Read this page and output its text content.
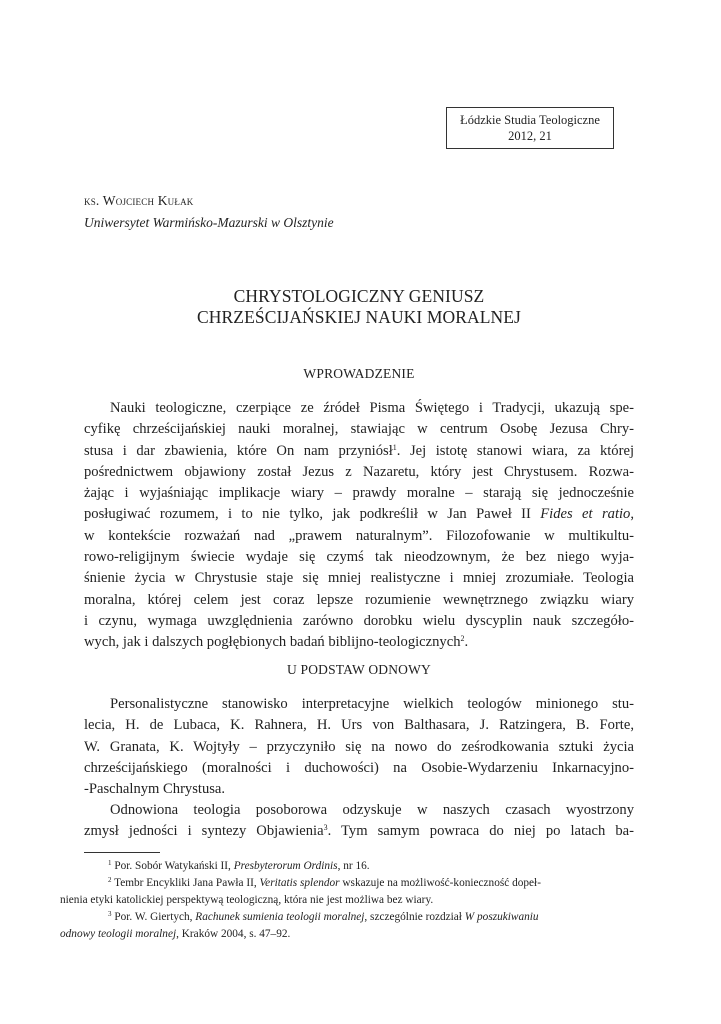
Łódzkie Studia Teologiczne
2012, 21
ks. Wojciech Kułak
Uniwersytet Warmińsko-Mazurski w Olsztynie
CHRYSTOLOGICZNY GENIUSZ
CHRZEŚCIJAŃSKIEJ NAUKI MORALNEJ
WPROWADZENIE

Nauki teologiczne, czerpiące ze źródeł Pisma Świętego i Tradycji, ukazują spe-
cyfikę chrześcijańskiej nauki moralnej, stawiając w centrum Osobę Jezusa Chry-
stusa i dar zbawienia, które On nam przyniósł$^1$. Jej istotę stanowi wiara, za której
pośrednictwem objawiony został Jezus z Nazaretu, który jest Chrystusem. Rozwa-
żając i wyjaśniając implikacje wiary – prawdy moralne – starają się jednocześnie
posługiwać rozumem, i to nie tylko, jak podkreślił w Jan Paweł II Fides et ratio,
w kontekście rozważań nad „prawem naturalnym”. Filozofowanie w multikultu-
rowo-religijnym świecie wydaje się czymś tak nieodzownym, że bez niego wyja-
śnienie życia w Chrystusie staje się mniej realistyczne i mniej zrozumiałe. Teologia
moralna, której celem jest coraz lepsze rozumienie wewnętrznego związku wiary
i czynu, wymaga uwzględnienia zarówno dorobku wielu dyscyplin nauk szczegóło-
wych, jak i dalszych pogłębionych badań biblijno-teologicznych$^2$.

U PODSTAW ODNOWY

Personalistyczne stanowisko interpretacyjne wielkich teologów minionego stu-
lecia, H. de Lubaca, K. Rahnera, H. Urs von Balthasara, J. Ratzingera, B. Forte,
W. Granata, K. Wojtyły – przyczyniło się na nowo do ześrodkowania sztuki życia
chrześcijańskiego (moralności i duchowości) na Osobie-Wydarzeniu Inkarnacyjno-
-Paschalnym Chrystusa.

Odnowiona teologia posoborowa odzyskuje w naszych czasach wyostrzony
zmysł jedności i syntezy Objawienia$^3$. Tym samym powraca do niej po latach ba-

$^1$ Por. Sobór Watykański II, Presbyterorum Ordinis, nr 16.

$^2$ Tembr Encykliki Jana Pawła II, Veritatis splendor wskazuje na możliwość-konieczność dopeł-
nienia etyki katolickiej perspektywą teologiczną, która nie jest możliwa bez wiary.

$^3$ Por. W. Giertych, Rachunek sumienia teologii moralnej, szczególnie rozdział W poszukiwaniu
odnowy teologii moralnej, Kraków 2004, s. 47–92.
